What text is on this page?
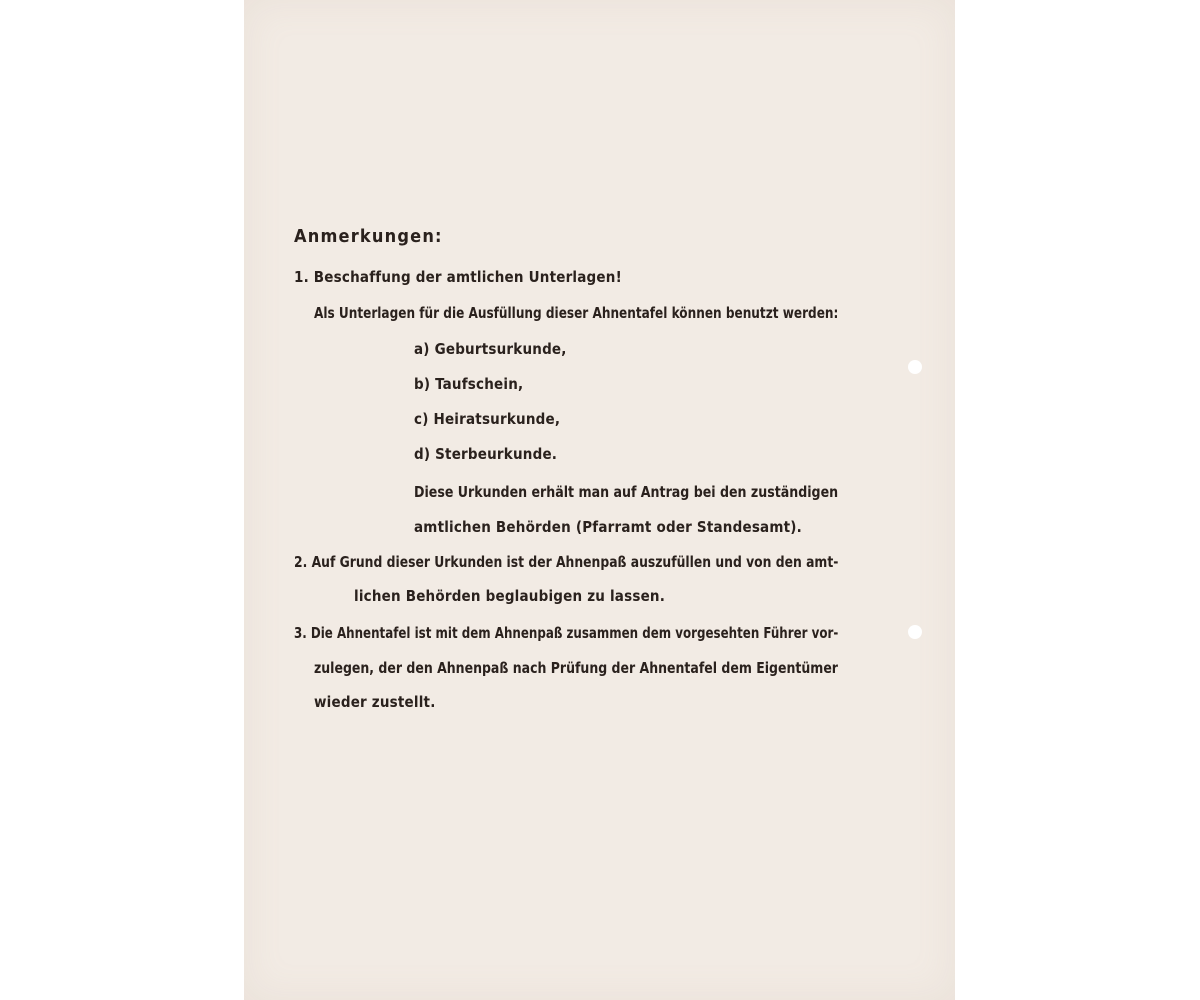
Anmerkungen:
1. Beschaffung der amtlichen Unterlagen!
Als Unterlagen für die Ausfüllung dieser Ahnentafel können benutzt werden:
a) Geburtsurkunde,
b) Taufschein,
c) Heiratsurkunde,
d) Sterbeurkunde.
Diese Urkunden erhält man auf Antrag bei den zuständigen
amtlichen Behörden (Pfarramt oder Standesamt).
2. Auf Grund dieser Urkunden ist der Ahnenpaß auszufüllen und von den amt-
lichen Behörden beglaubigen zu lassen.
3. Die Ahnentafel ist mit dem Ahnenpaß zusammen dem vorgesehten Führer vor-
zulegen, der den Ahnenpaß nach Prüfung der Ahnentafel dem Eigentümer
wieder zustellt.
